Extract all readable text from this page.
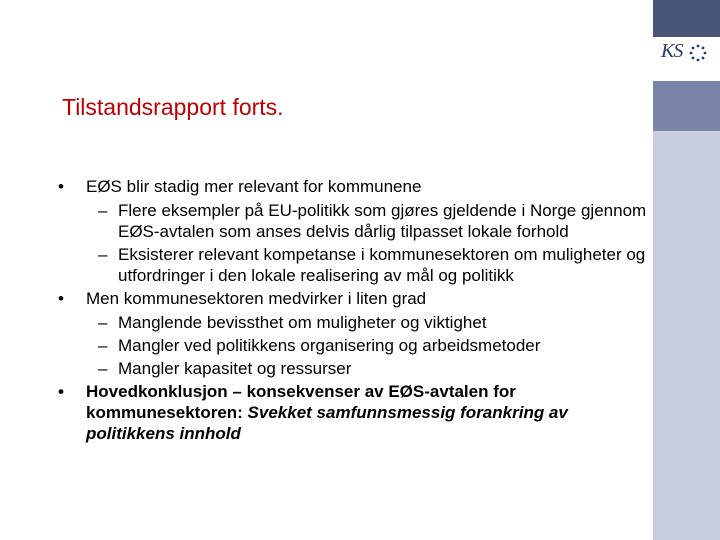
KS
Tilstandsrapport forts.
• EØS blir stadig mer relevant for kommunene
– Flere eksempler på EU-politikk som gjøres gjeldende i Norge gjennom EØS-avtalen som anses delvis dårlig tilpasset lokale forhold
– Eksisterer relevant kompetanse i kommunesektoren om muligheter og utfordringer i den lokale realisering av mål og politikk
• Men kommunesektoren medvirker i liten grad
– Manglende bevissthet om muligheter og viktighet
– Mangler ved politikkens organisering og arbeidsmetoder
– Mangler kapasitet og ressurser
• Hovedkonklusjon – konsekvenser av EØS-avtalen for kommunesektoren: Svekket samfunnsmessig forankring av politikkens innhold
